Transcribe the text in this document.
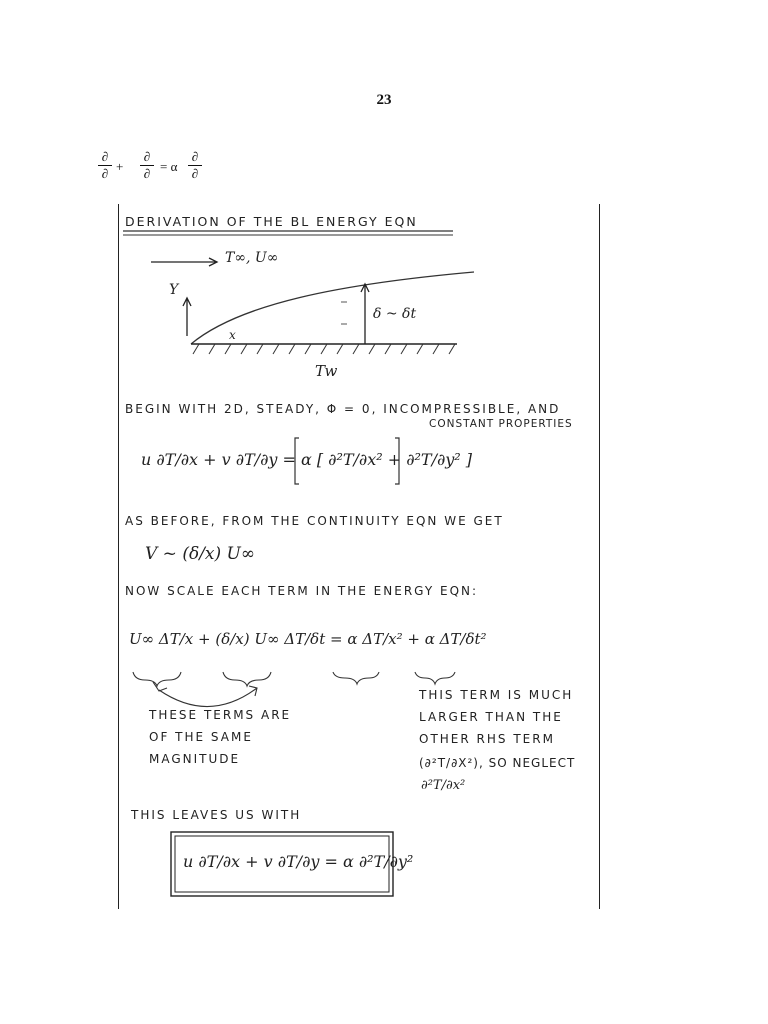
23
∂
∂ +
∂
∂ = α
∂
∂
DERIVATION OF THE BL ENERGY EQN
T∞, U∞
Y
x
δ ~ δt
Tw
BEGIN WITH 2D, STEADY, Φ = 0, INCOMPRESSIBLE, AND
CONSTANT PROPERTIES
u ∂T/∂x + v ∂T/∂y = α [ ∂²T/∂x² + ∂²T/∂y² ]
AS BEFORE, FROM THE CONTINUITY EQN WE GET
V ~ (δ/x) U∞
NOW SCALE EACH TERM IN THE ENERGY EQN:
U∞ ΔT/x + (δ/x) U∞ ΔT/δt = α ΔT/x² + α ΔT/δt²
THESE TERMS ARE
OF THE SAME
MAGNITUDE
THIS TERM IS MUCH
LARGER THAN THE
OTHER RHS TERM
(∂²T/∂X²), SO NEGLECT
∂²T/∂x²
THIS LEAVES US WITH
u ∂T/∂x + v ∂T/∂y = α ∂²T/∂y²
